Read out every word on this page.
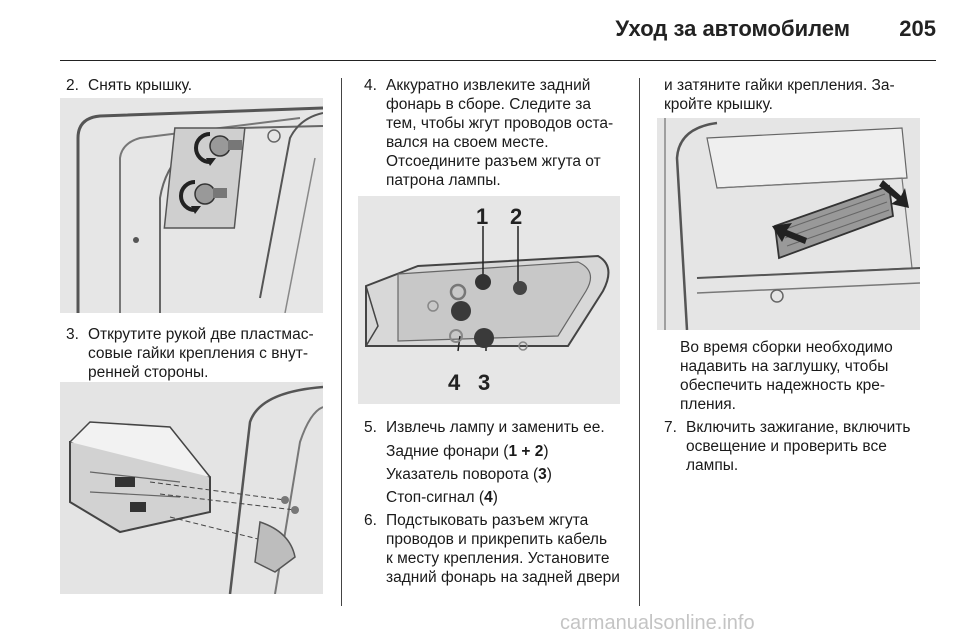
Уход за автомобилем	205
2. Снять крышку.
3. Открутите рукой две пластмас-
совые гайки крепления с внут-
ренней стороны.
4. Аккуратно извлеките задний
фонарь в сборе. Следите за
тем, чтобы жгут проводов оста-
вался на своем месте.
Отсоедините разъем жгута от
патрона лампы.
1 2
4 3
5. Извлечь лампу и заменить ее.
Задние фонари (1 + 2)
Указатель поворота (3)
Стоп-сигнал (4)
6. Подстыковать разъем жгута
проводов и прикрепить кабель
к месту крепления. Установите
задний фонарь на задней двери
и затяните гайки крепления. За-
кройте крышку.
Во время сборки необходимо
надавить на заглушку, чтобы
обеспечить надежность кре-
пления.
7. Включить зажигание, включить
освещение и проверить все
лампы.
carmanualsonline.info
